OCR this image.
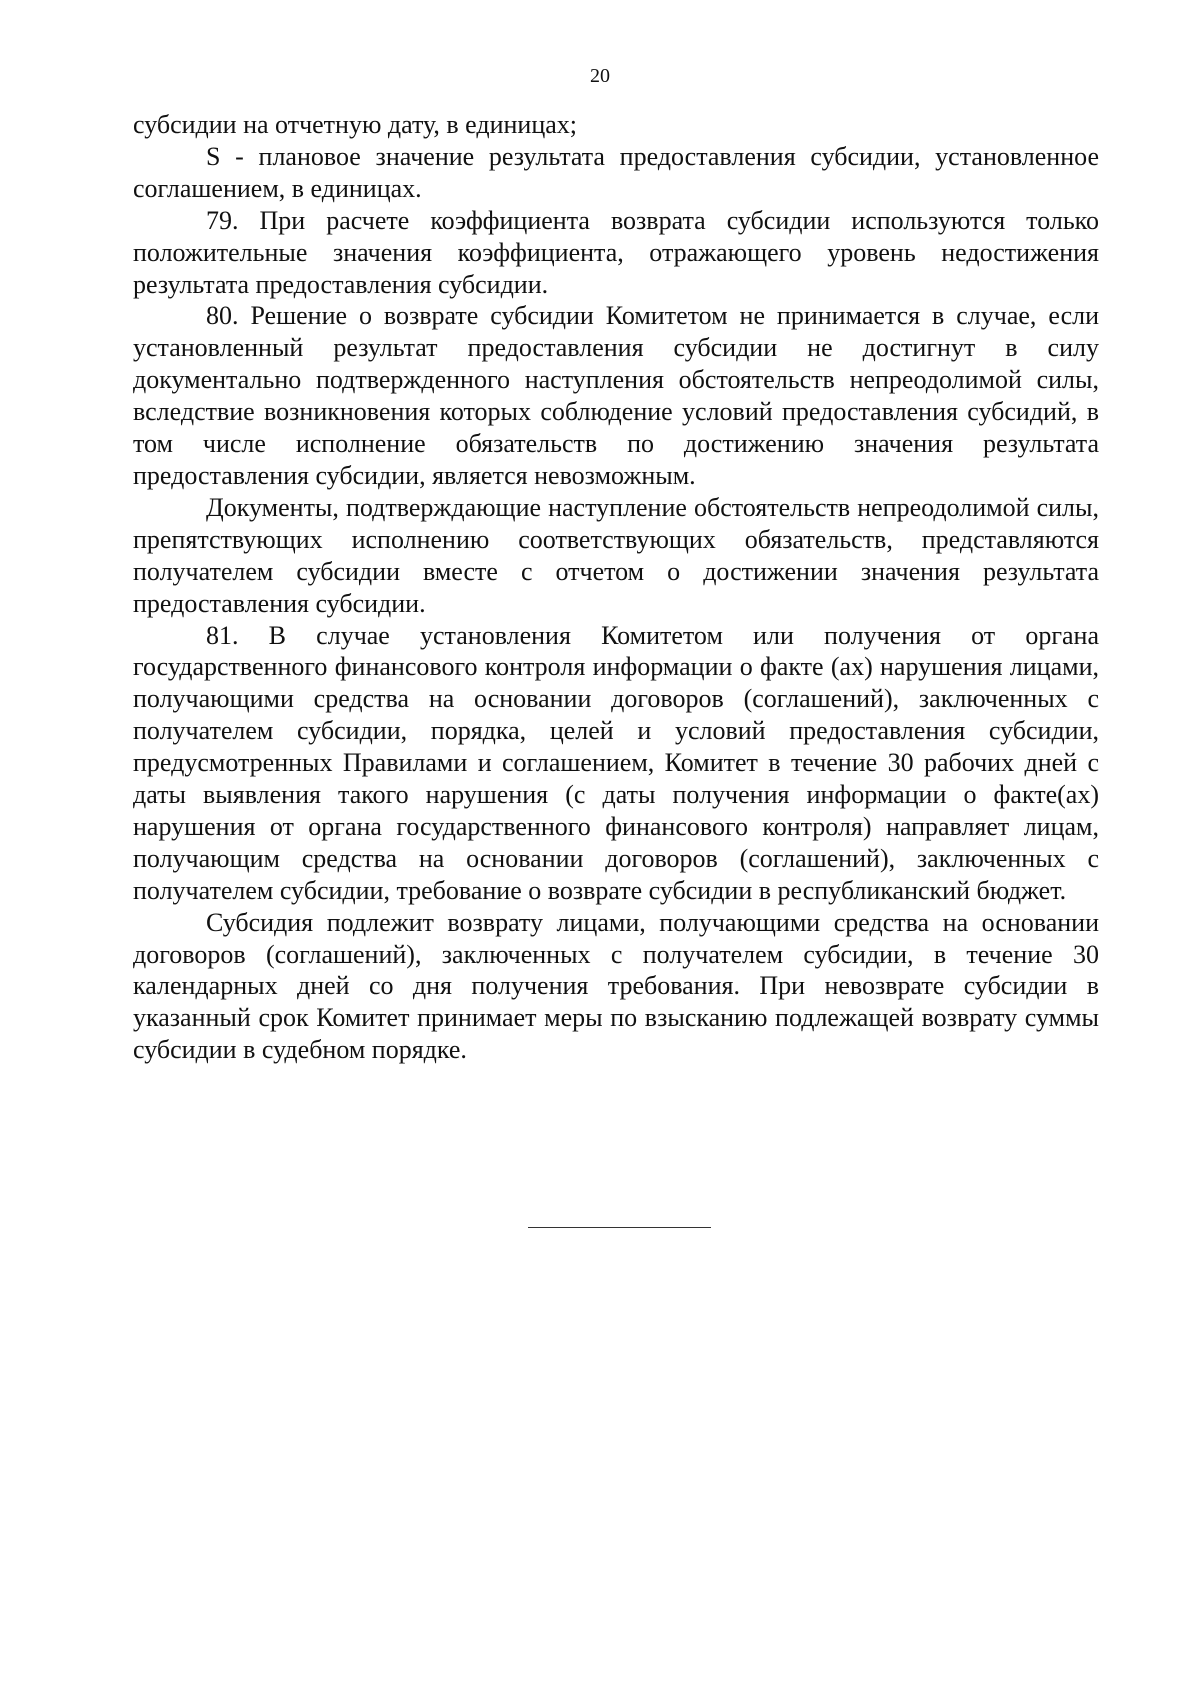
20

субсидии на отчетную дату, в единицах;

S - плановое значение результата предоставления субсидии, установленное соглашением, в единицах.

79. При расчете коэффициента возврата субсидии используются только положительные значения коэффициента, отражающего уровень недостижения результата предоставления субсидии.

80. Решение о возврате субсидии Комитетом не принимается в случае, если установленный результат предоставления субсидии не достигнут в силу документально подтвержденного наступления обстоятельств непреодолимой силы, вследствие возникновения которых соблюдение условий предоставления субсидий, в том числе исполнение обязательств по достижению значения результата предоставления субсидии, является невозможным.

Документы, подтверждающие наступление обстоятельств непреодолимой силы, препятствующих исполнению соответствующих обязательств, представляются получателем субсидии вместе с отчетом о достижении значения результата предоставления субсидии.

81. В случае установления Комитетом или получения от органа государственного финансового контроля информации о факте (ах) нарушения лицами, получающими средства на основании договоров (соглашений), заключенных с получателем субсидии, порядка, целей и условий предоставления субсидии, предусмотренных Правилами и соглашением, Комитет в течение 30 рабочих дней с даты выявления такого нарушения (с даты получения информации о факте(ах) нарушения от органа государственного финансового контроля) направляет лицам, получающим средства на основании договоров (соглашений), заключенных с получателем субсидии, требование о возврате субсидии в республиканский бюджет.

Субсидия подлежит возврату лицами, получающими средства на основании договоров (соглашений), заключенных с получателем субсидии, в течение 30 календарных дней со дня получения требования. При невозврате субсидии в указанный срок Комитет принимает меры по взысканию подлежащей возврату суммы субсидии в судебном порядке.
